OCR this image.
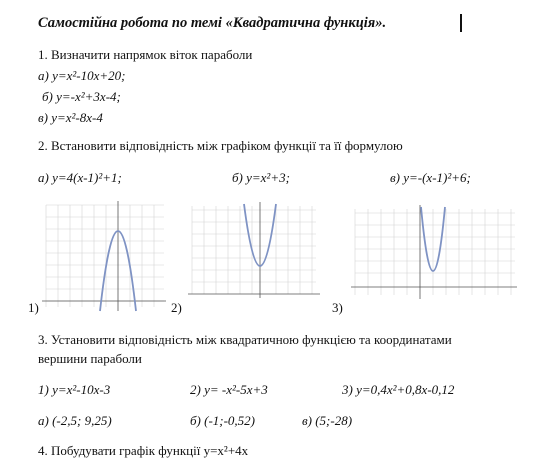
Самостійна робота по темі «Квадратична функція».
1. Визначити напрямок віток параболи
а) у=х²-10х+20;
б) у=-х²+3х-4;
в) у=х²-8х-4
2. Встановити відповідність між графіком функції та її формулою
а) у=4(х-1)²+1;	б) у=х²+3;	в) у=-(х-1)²+6;
1)	2)	3)
3. Установити відповідність між квадратичною функцією та координатами
вершини параболи
1) у=х²-10х-3	2) у= -х²-5х+3	3) у=0,4х²+0,8х-0,12
а) (-2,5; 9,25)	б) (-1;-0,52)	в) (5;-28)
4. Побудувати графік функції у=х²+4х
